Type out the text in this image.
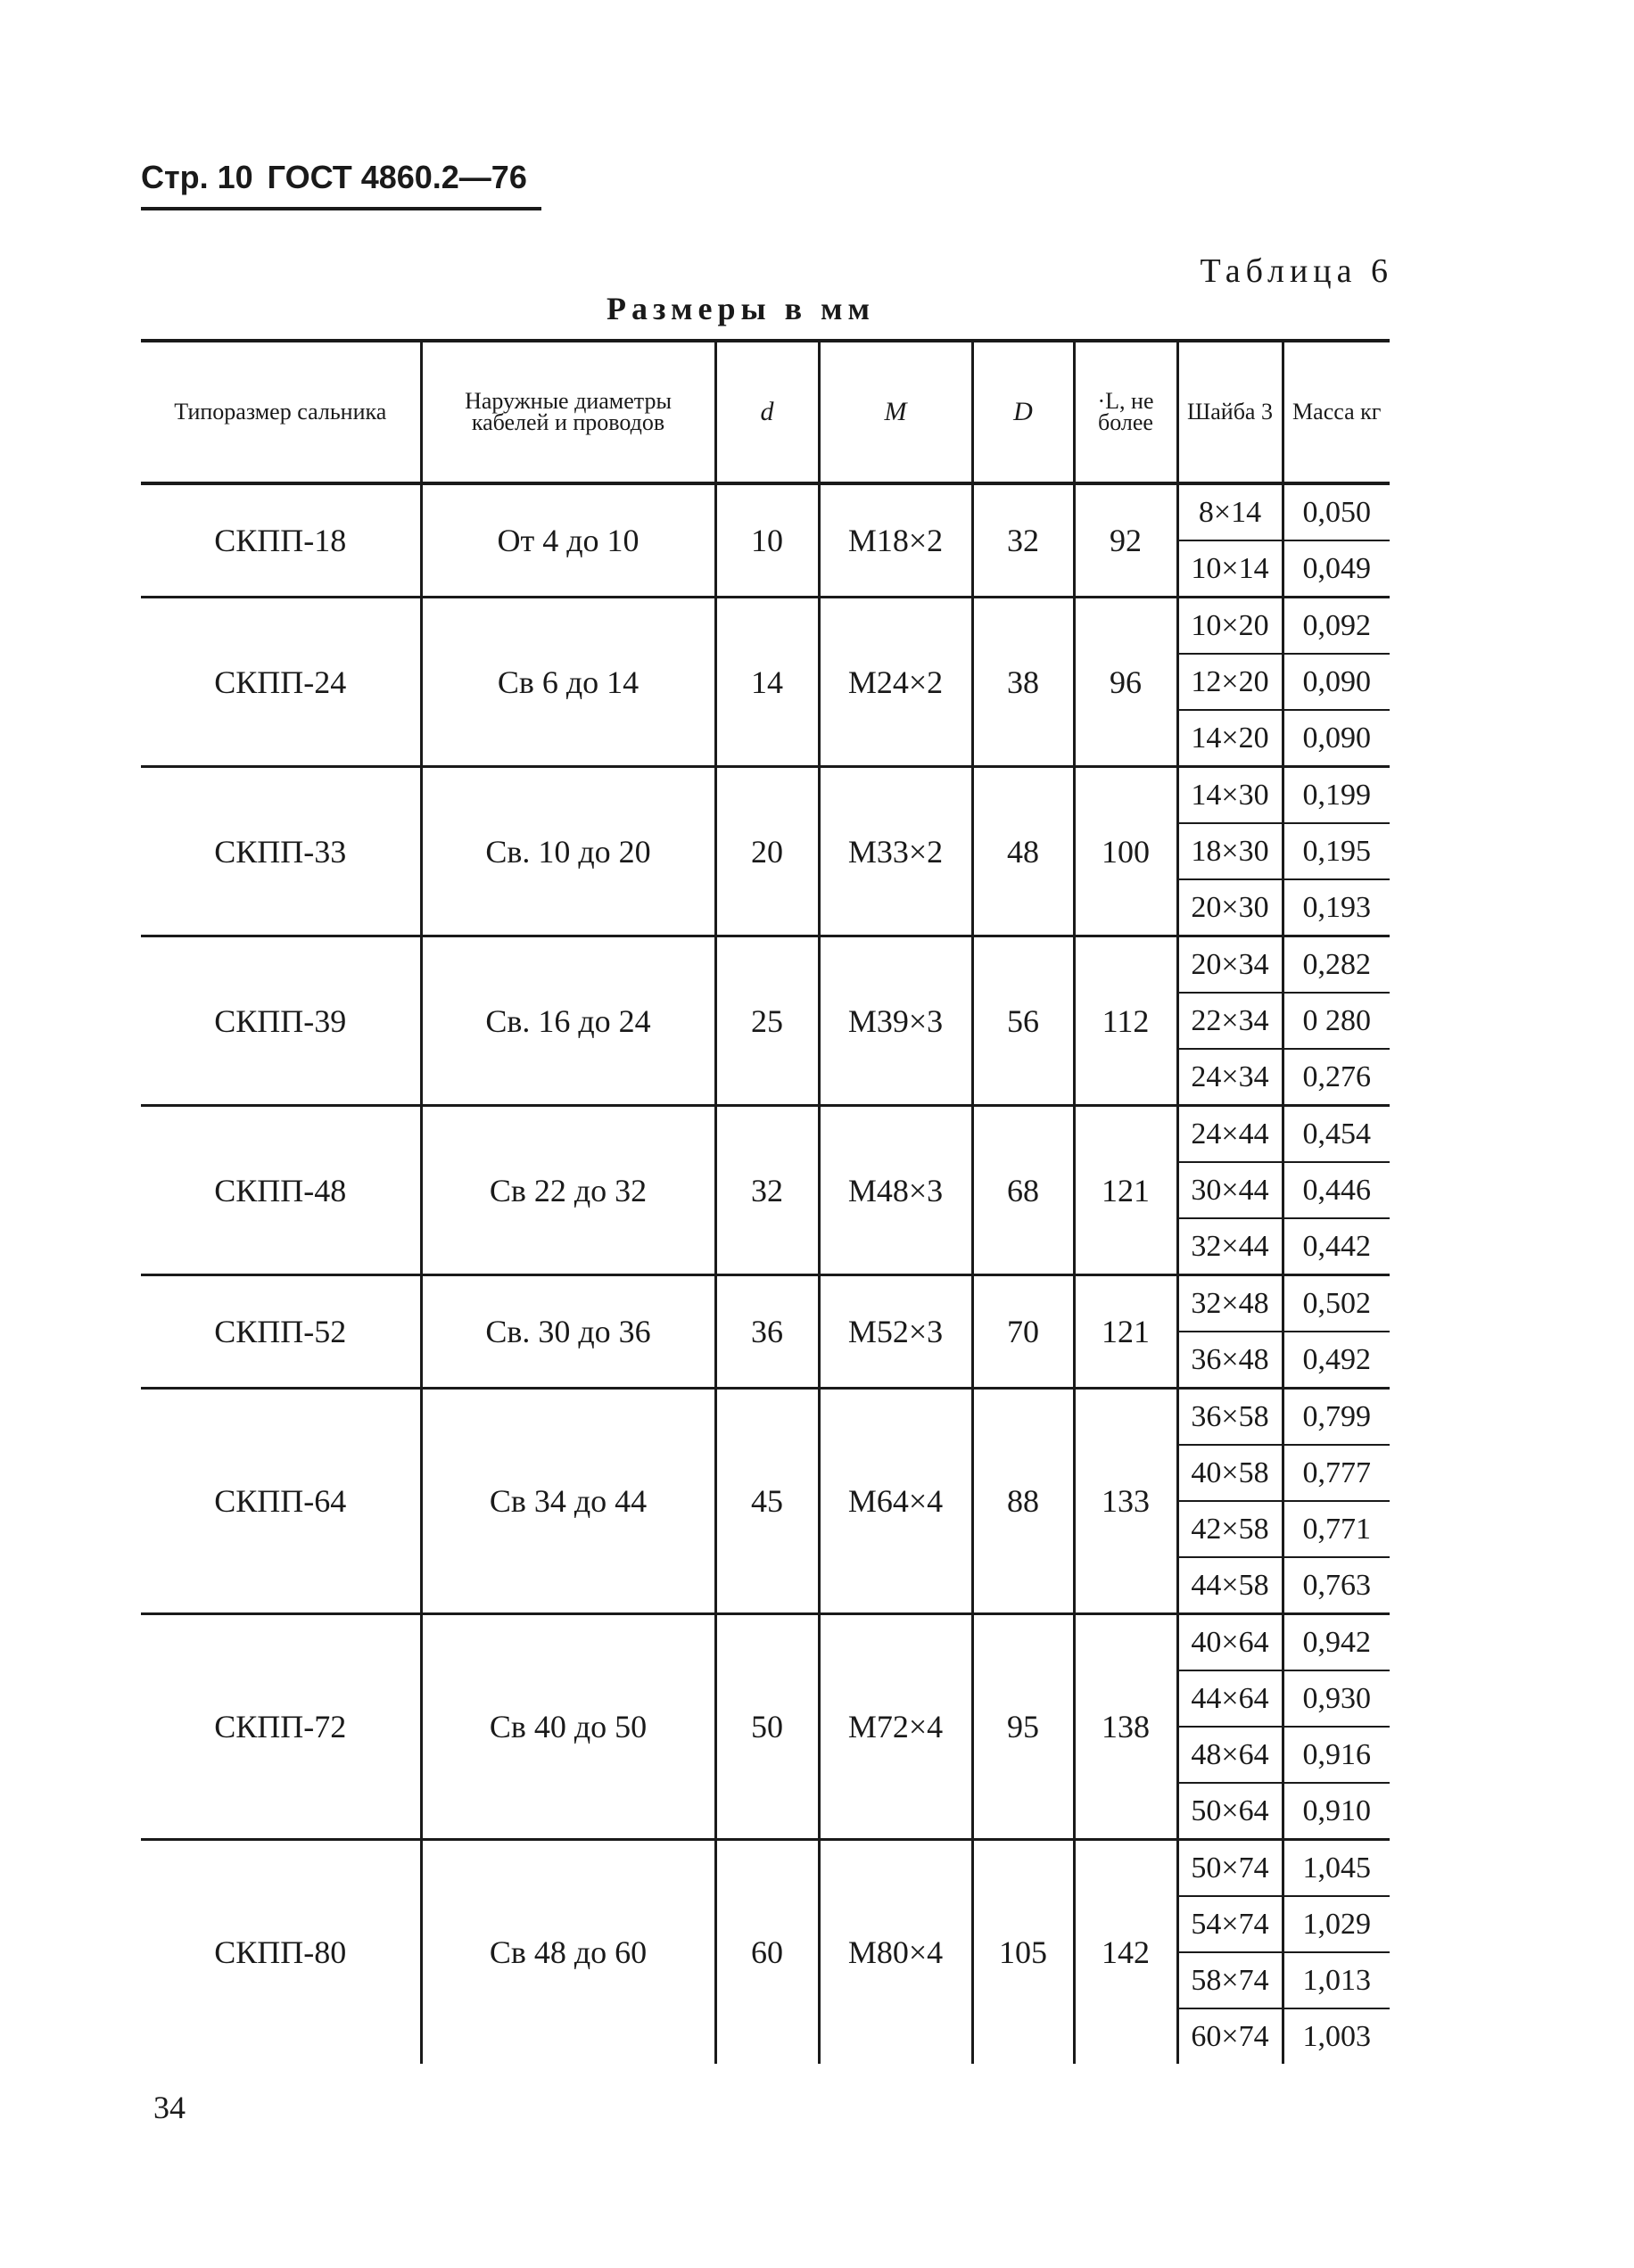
Стр. 10 ГОСТ 4860.2—76
Таблица 6
Размеры в мм
Типоразмер сальника	Наружные диаметры кабелей и проводов	d	M	D	·L, не более	Шайба 3	Масса кг
СКПП-18	От 4 до 10	10	M18×2	32	92	8×14	0,050
						10×14	0,049
СКПП-24	Св 6 до 14	14	M24×2	38	96	10×20	0,092
						12×20	0,090
						14×20	0,090
СКПП-33	Св. 10 до 20	20	M33×2	48	100	14×30	0,199
						18×30	0,195
						20×30	0,193
СКПП-39	Св. 16 до 24	25	M39×3	56	112	20×34	0,282
						22×34	0 280
						24×34	0,276
СКПП-48	Св 22 до 32	32	M48×3	68	121	24×44	0,454
						30×44	0,446
						32×44	0,442
СКПП-52	Св. 30 до 36	36	M52×3	70	121	32×48	0,502
						36×48	0,492
СКПП-64	Св 34 до 44	45	M64×4	88	133	36×58	0,799
						40×58	0,777
						42×58	0,771
						44×58	0,763
СКПП-72	Св 40 до 50	50	M72×4	95	138	40×64	0,942
						44×64	0,930
						48×64	0,916
						50×64	0,910
СКПП-80	Св 48 до 60	60	M80×4	105	142	50×74	1,045
						54×74	1,029
						58×74	1,013
						60×74	1,003
34
